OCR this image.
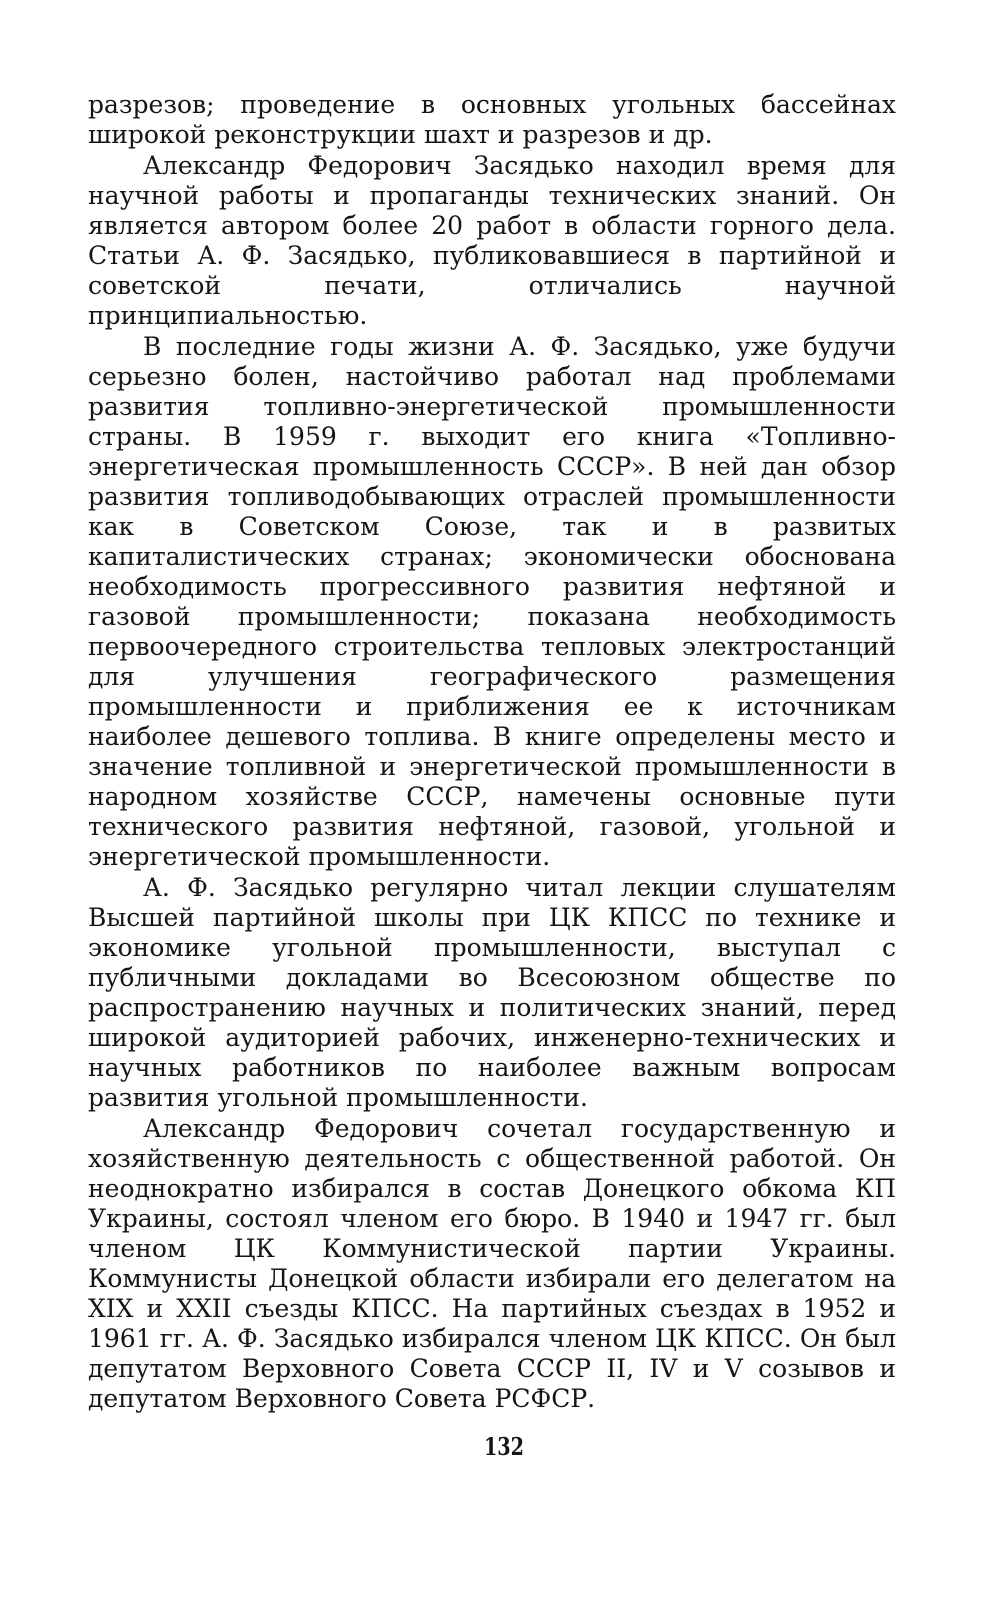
разрезов; проведение в основных угольных бассейнах широкой реконструкции шахт и разрезов и др.

Александр Федорович Засядько находил время для научной работы и пропаганды технических знаний. Он является автором более 20 работ в области горного дела. Статьи А. Ф. Засядько, публиковавшиеся в партийной и советской печати, отличались научной принципиальностью.

В последние годы жизни А. Ф. Засядько, уже будучи серьезно болен, настойчиво работал над проблемами развития топливно-энергетической промышленности страны. В 1959 г. выходит его книга «Топливно-энергетическая промышленность СССР». В ней дан обзор развития топливодобывающих отраслей промышленности как в Советском Союзе, так и в развитых капиталистических странах; экономически обоснована необходимость прогрессивного развития нефтяной и газовой промышленности; показана необходимость первоочередного строительства тепловых электростанций для улучшения географического размещения промышленности и приближения ее к источникам наиболее дешевого топлива. В книге определены место и значение топливной и энергетической промышленности в народном хозяйстве СССР, намечены основные пути технического развития нефтяной, газовой, угольной и энергетической промышленности.

А. Ф. Засядько регулярно читал лекции слушателям Высшей партийной школы при ЦК КПСС по технике и экономике угольной промышленности, выступал с публичными докладами во Всесоюзном обществе по распространению научных и политических знаний, перед широкой аудиторией рабочих, инженерно-технических и научных работников по наиболее важным вопросам развития угольной промышленности.

Александр Федорович сочетал государственную и хозяйственную деятельность с общественной работой. Он неоднократно избирался в состав Донецкого обкома КП Украины, состоял членом его бюро. В 1940 и 1947 гг. был членом ЦК Коммунистической партии Украины. Коммунисты Донецкой области избирали его делегатом на XIX и XXII съезды КПСС. На партийных съездах в 1952 и 1961 гг. А. Ф. Засядько избирался членом ЦК КПСС. Он был депутатом Верховного Совета СССР II, IV и V созывов и депутатом Верховного Совета РСФСР.

132
